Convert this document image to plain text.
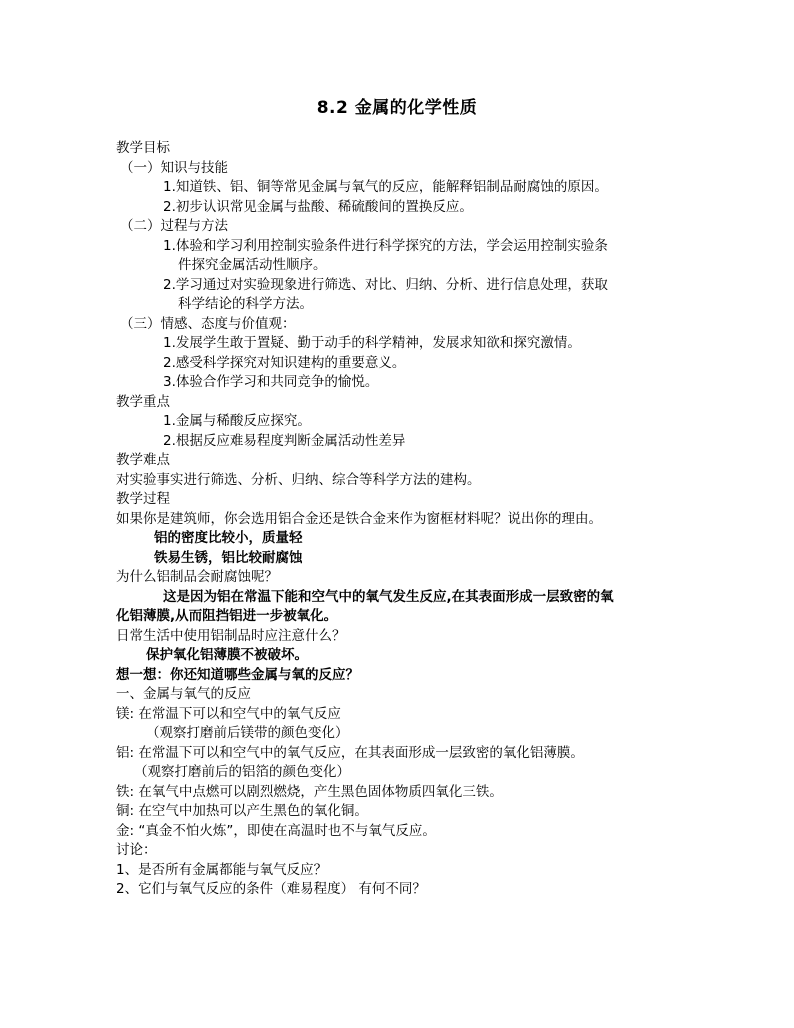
8.2 金属的化学性质
教学目标
（一）知识与技能
1.知道铁、铝、铜等常见金属与氧气的反应，能解释铝制品耐腐蚀的原因。
2.初步认识常见金属与盐酸、稀硫酸间的置换反应。
（二）过程与方法
1.体验和学习利用控制实验条件进行科学探究的方法，学会运用控制实验条
件探究金属活动性顺序。
2.学习通过对实验现象进行筛选、对比、归纳、分析、进行信息处理，获取
科学结论的科学方法。
（三）情感、态度与价值观：
1.发展学生敢于置疑、勤于动手的科学精神，发展求知欲和探究激情。
2.感受科学探究对知识建构的重要意义。
3.体验合作学习和共同竞争的愉悦。
教学重点
1.金属与稀酸反应探究。
2.根据反应难易程度判断金属活动性差异
教学难点
对实验事实进行筛选、分析、归纳、综合等科学方法的建构。
教学过程
如果你是建筑师，你会选用铝合金还是铁合金来作为窗框材料呢？说出你的理由。
铝的密度比较小，质量轻
铁易生锈，铝比较耐腐蚀
为什么铝制品会耐腐蚀呢？
这是因为铝在常温下能和空气中的氧气发生反应,在其表面形成一层致密的氧
化铝薄膜,从而阻挡铝进一步被氧化。
日常生活中使用铝制品时应注意什么？
保护氧化铝薄膜不被破坏。
想一想：你还知道哪些金属与氧的反应？
一、金属与氧气的反应
镁: 在常温下可以和空气中的氧气反应
（观察打磨前后镁带的颜色变化）
铝: 在常温下可以和空气中的氧气反应，在其表面形成一层致密的氧化铝薄膜。
（观察打磨前后的铝箔的颜色变化）
铁: 在氧气中点燃可以剧烈燃烧，产生黑色固体物质四氧化三铁。
铜: 在空气中加热可以产生黑色的氧化铜。
金: “真金不怕火炼”，即使在高温时也不与氧气反应。
讨论：
1、是否所有金属都能与氧气反应？
2、它们与氧气反应的条件（难易程度） 有何不同？
